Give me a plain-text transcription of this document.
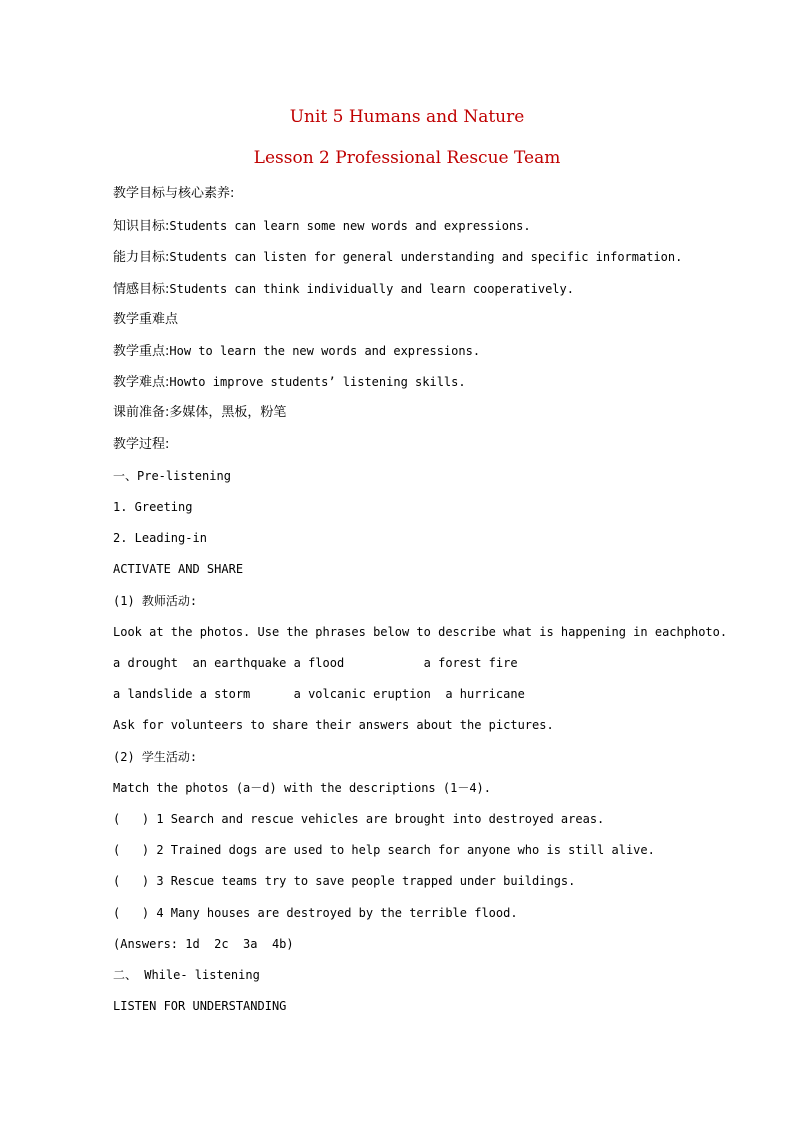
Unit 5 Humans and Nature
Lesson 2 Professional Rescue Team
教学目标与核心素养:
知识目标:Students can learn some new words and expressions.
能力目标:Students can listen for general understanding and specific information.
情感目标:Students can think individually and learn cooperatively.
教学重难点
教学重点:How to learn the new words and expressions.
教学难点:Howto improve students’ listening skills.
课前准备:多媒体，黑板，粉笔
教学过程:
一、Pre-listening
1. Greeting
2. Leading-in
ACTIVATE AND SHARE
(1) 教师活动:
Look at the photos. Use the phrases below to describe what is happening in eachphoto.
a drought  an earthquake a flood           a forest fire
a landslide a storm      a volcanic eruption  a hurricane
Ask for volunteers to share their answers about the pictures.
(2) 学生活动:
Match the photos (a－d) with the descriptions (1－4).
(   ) 1 Search and rescue vehicles are brought into destroyed areas.
(   ) 2 Trained dogs are used to help search for anyone who is still alive.
(   ) 3 Rescue teams try to save people trapped under buildings.
(   ) 4 Many houses are destroyed by the terrible flood.
(Answers: 1d  2c  3a  4b)
二、 While- listening
LISTEN FOR UNDERSTANDING
